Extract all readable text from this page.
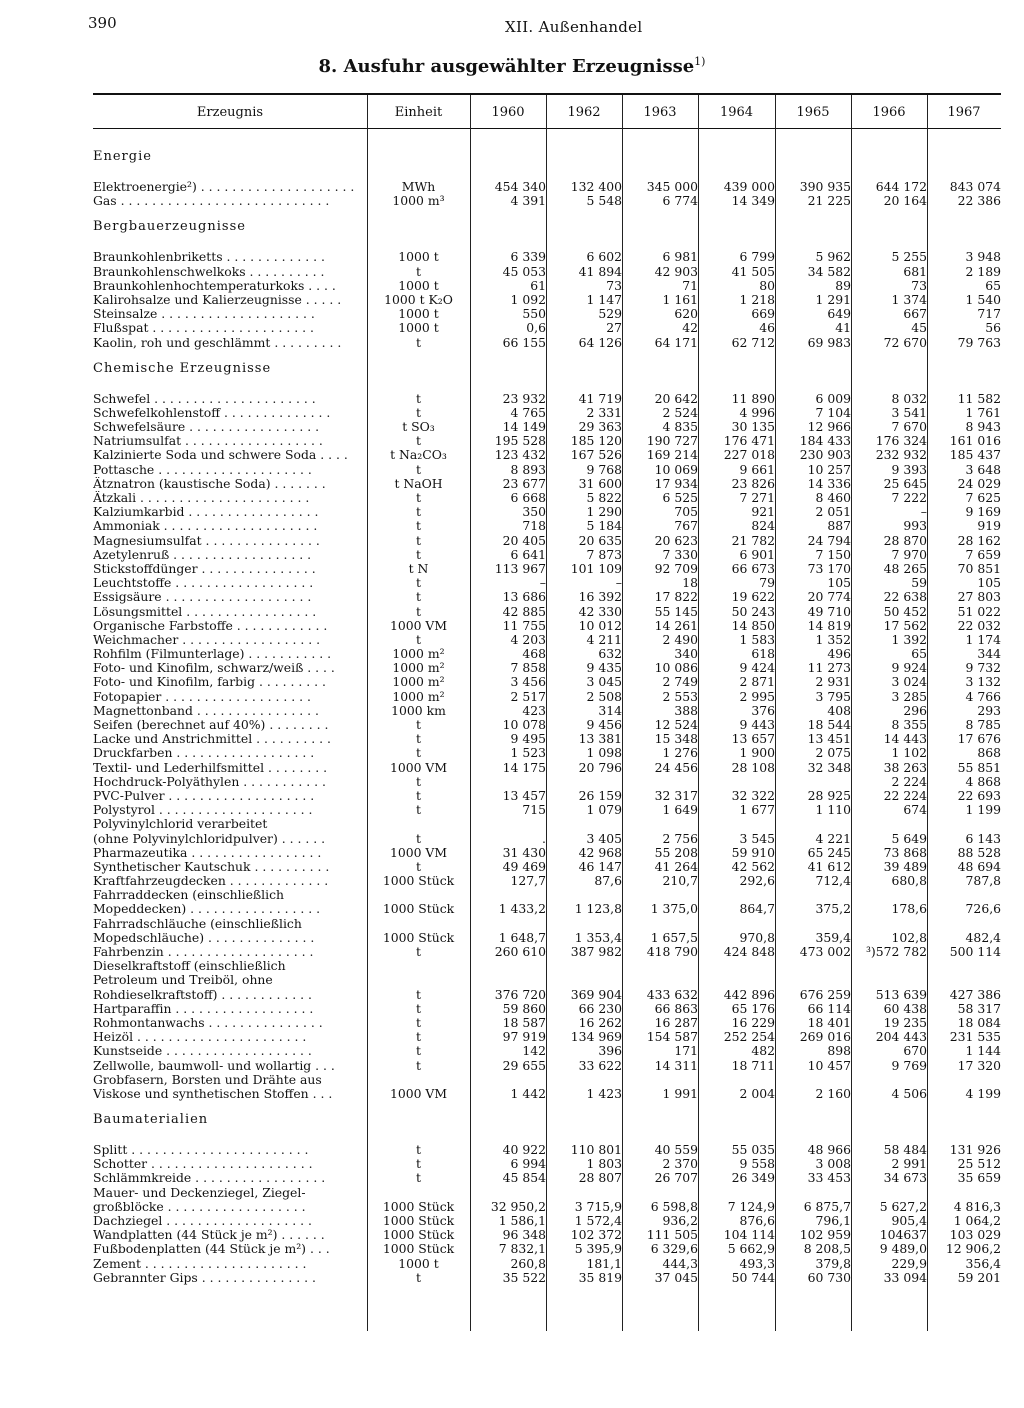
390	XII. Außenhandel
8. Ausfuhr ausgewählter Erzeugnisse$^{1)}$
Erzeugnis	Einheit	1960	1962	1963	1964	1965	1966	1967
Energie								

Elektroenergie²) . . . . . . . . . . . . . . . . . . . .	MWh	454 340	132 400	345 000	439 000	390 935	644 172	843 074
Gas . . . . . . . . . . . . . . . . . . . . . . . . . . .	1000 m³	4 391	5 548	6 774	14 349	21 225	20 164	22 386

Bergbauerzeugnisse								

Braunkohlenbriketts . . . . . . . . . . . . .	1000 t	6 339	6 602	6 981	6 799	5 962	5 255	3 948
Braunkohlenschwelkoks . . . . . . . . . .	t	45 053	41 894	42 903	41 505	34 582	681	2 189
Braunkohlenhochtemperaturkoks . . . .	1000 t	61	73	71	80	89	73	65
Kalirohsalze und Kalierzeugnisse . . . . .	1000 t K₂O	1 092	1 147	1 161	1 218	1 291	1 374	1 540
Steinsalze . . . . . . . . . . . . . . . . . . . .	1000 t	550	529	620	669	649	667	717
Flußspat . . . . . . . . . . . . . . . . . . . . .	1000 t	0,6	27	42	46	41	45	56
Kaolin, roh und geschlämmt . . . . . . . . .	t	66 155	64 126	64 171	62 712	69 983	72 670	79 763

Chemische Erzeugnisse								

Schwefel . . . . . . . . . . . . . . . . . . . . .	t	23 932	41 719	20 642	11 890	6 009	8 032	11 582
Schwefelkohlenstoff . . . . . . . . . . . . . .	t	4 765	2 331	2 524	4 996	7 104	3 541	1 761
Schwefelsäure . . . . . . . . . . . . . . . . .	t SO₃	14 149	29 363	4 835	30 135	12 966	7 670	8 943
Natriumsulfat . . . . . . . . . . . . . . . . . .	t	195 528	185 120	190 727	176 471	184 433	176 324	161 016
Kalzinierte Soda und schwere Soda . . . .	t Na₂CO₃	123 432	167 526	169 214	227 018	230 903	232 932	185 437
Pottasche . . . . . . . . . . . . . . . . . . . .	t	8 893	9 768	10 069	9 661	10 257	9 393	3 648
Ätznatron (kaustische Soda) . . . . . . .	t NaOH	23 677	31 600	17 934	23 826	14 336	25 645	24 029
Ätzkali . . . . . . . . . . . . . . . . . . . . . .	t	6 668	5 822	6 525	7 271	8 460	7 222	7 625
Kalziumkarbid . . . . . . . . . . . . . . . . .	t	350	1 290	705	921	2 051	–	9 169
Ammoniak . . . . . . . . . . . . . . . . . . . .	t	718	5 184	767	824	887	993	919
Magnesiumsulfat . . . . . . . . . . . . . . .	t	20 405	20 635	20 623	21 782	24 794	28 870	28 162
Azetylenruß . . . . . . . . . . . . . . . . . .	t	6 641	7 873	7 330	6 901	7 150	7 970	7 659
Stickstoffdünger . . . . . . . . . . . . . . .	t N	113 967	101 109	92 709	66 673	73 170	48 265	70 851
Leuchtstoffe . . . . . . . . . . . . . . . . . .	t	–	–	18	79	105	59	105
Essigsäure . . . . . . . . . . . . . . . . . . .	t	13 686	16 392	17 822	19 622	20 774	22 638	27 803
Lösungsmittel . . . . . . . . . . . . . . . . .	t	42 885	42 330	55 145	50 243	49 710	50 452	51 022
Organische Farbstoffe . . . . . . . . . . . .	1000 VM	11 755	10 012	14 261	14 850	14 819	17 562	22 032
Weichmacher . . . . . . . . . . . . . . . . . .	t	4 203	4 211	2 490	1 583	1 352	1 392	1 174
Rohfilm (Filmunterlage) . . . . . . . . . . .	1000 m²	468	632	340	618	496	65	344
Foto- und Kinofilm, schwarz/weiß . . . .	1000 m²	7 858	9 435	10 086	9 424	11 273	9 924	9 732
Foto- und Kinofilm, farbig . . . . . . . . .	1000 m²	3 456	3 045	2 749	2 871	2 931	3 024	3 132
Fotopapier . . . . . . . . . . . . . . . . . . .	1000 m²	2 517	2 508	2 553	2 995	3 795	3 285	4 766
Magnettonband . . . . . . . . . . . . . . . .	1000 km	423	314	388	376	408	296	293
Seifen (berechnet auf 40%) . . . . . . . .	t	10 078	9 456	12 524	9 443	18 544	8 355	8 785
Lacke und Anstrichmittel . . . . . . . . . .	t	9 495	13 381	15 348	13 657	13 451	14 443	17 676
Druckfarben . . . . . . . . . . . . . . . . . .	t	1 523	1 098	1 276	1 900	2 075	1 102	868
Textil- und Lederhilfsmittel . . . . . . . .	1000 VM	14 175	20 796	24 456	28 108	32 348	38 263	55 851
Hochdruck-Polyäthylen . . . . . . . . . . .	t						2 224	4 868
PVC-Pulver . . . . . . . . . . . . . . . . . . .	t	13 457	26 159	32 317	32 322	28 925	22 224	22 693
Polystyrol . . . . . . . . . . . . . . . . . . . .	t	715	1 079	1 649	1 677	1 110	674	1 199
Polyvinylchlorid verarbeitet								
(ohne Polyvinylchloridpulver) . . . . . .	t	.	3 405	2 756	3 545	4 221	5 649	6 143
Pharmazeutika . . . . . . . . . . . . . . . . .	1000 VM	31 430	42 968	55 208	59 910	65 245	73 868	88 528
Synthetischer Kautschuk . . . . . . . . . .	t	49 469	46 147	41 264	42 562	41 612	39 489	48 694
Kraftfahrzeugdecken . . . . . . . . . . . . .	1000 Stück	127,7	87,6	210,7	292,6	712,4	680,8	787,8
Fahrraddecken (einschließlich								
Mopeddecken) . . . . . . . . . . . . . . . . .	1000 Stück	1 433,2	1 123,8	1 375,0	864,7	375,2	178,6	726,6
Fahrradschläuche (einschließlich								
Mopedschläuche) . . . . . . . . . . . . . .	1000 Stück	1 648,7	1 353,4	1 657,5	970,8	359,4	102,8	482,4
Fahrbenzin . . . . . . . . . . . . . . . . . . .	t	260 610	387 982	418 790	424 848	473 002	³)572 782	500 114
Dieselkraftstoff (einschließlich								
Petroleum und Treiböl, ohne								
Rohdieselkraftstoff) . . . . . . . . . . . .	t	376 720	369 904	433 632	442 896	676 259	513 639	427 386
Hartparaffin . . . . . . . . . . . . . . . . . .	t	59 860	66 230	66 863	65 176	66 114	60 438	58 317
Rohmontanwachs . . . . . . . . . . . . . . .	t	18 587	16 262	16 287	16 229	18 401	19 235	18 084
Heizöl . . . . . . . . . . . . . . . . . . . . . .	t	97 919	134 969	154 587	252 254	269 016	204 443	231 535
Kunstseide . . . . . . . . . . . . . . . . . . .	t	142	396	171	482	898	670	1 144
Zellwolle, baumwoll- und wollartig . . .	t	29 655	33 622	14 311	18 711	10 457	9 769	17 320
Grobfasern, Borsten und Drähte aus								
Viskose und synthetischen Stoffen . . .	1000 VM	1 442	1 423	1 991	2 004	2 160	4 506	4 199

Baumaterialien								

Splitt . . . . . . . . . . . . . . . . . . . . . . .	t	40 922	110 801	40 559	55 035	48 966	58 484	131 926
Schotter . . . . . . . . . . . . . . . . . . . . .	t	6 994	1 803	2 370	9 558	3 008	2 991	25 512
Schlämmkreide . . . . . . . . . . . . . . . . .	t	45 854	28 807	26 707	26 349	33 453	34 673	35 659
Mauer- und Deckenziegel, Ziegel-								
großblöcke . . . . . . . . . . . . . . . . . .	1000 Stück	32 950,2	3 715,9	6 598,8	7 124,9	6 875,7	5 627,2	4 816,3
Dachziegel . . . . . . . . . . . . . . . . . . .	1000 Stück	1 586,1	1 572,4	936,2	876,6	796,1	905,4	1 064,2
Wandplatten (44 Stück je m²) . . . . . .	1000 Stück	96 348	102 372	111 505	104 114	102 959	104637	103 029
Fußbodenplatten (44 Stück je m²) . . .	1000 Stück	7 832,1	5 395,9	6 329,6	5 662,9	8 208,5	9 489,0	12 906,2
Zement . . . . . . . . . . . . . . . . . . . . .	1000 t	260,8	181,1	444,3	493,3	379,8	229,9	356,4
Gebrannter Gips . . . . . . . . . . . . . . .	t	35 522	35 819	37 045	50 744	60 730	33 094	59 201
